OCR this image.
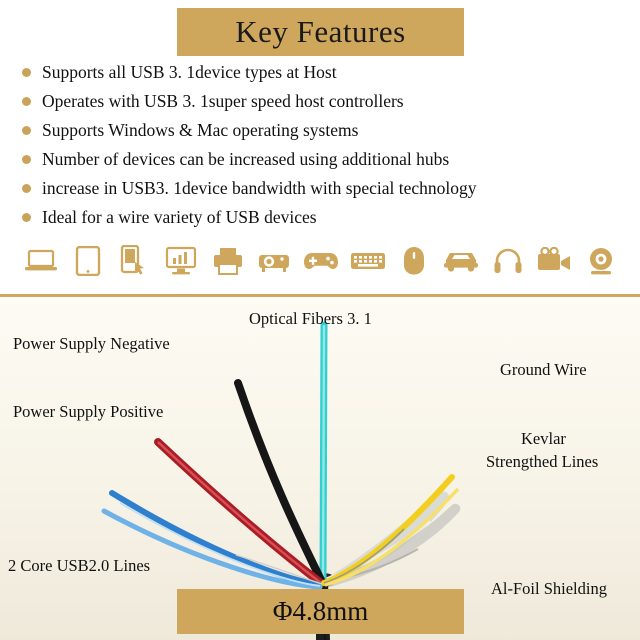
Key Features
Supports all USB 3. 1device types at Host
Operates with USB 3. 1super speed host controllers
Supports Windows & Mac operating systems
Number of devices can be increased using additional hubs
increase in USB3. 1device bandwidth with special technology
Ideal for a wire variety of USB devices
Optical Fibers 3. 1
Power Supply Negative
Power Supply Positive
Ground Wire
Kevlar
Strengthed Lines
2 Core USB2.0 Lines
Al-Foil Shielding
Φ4.8mm
